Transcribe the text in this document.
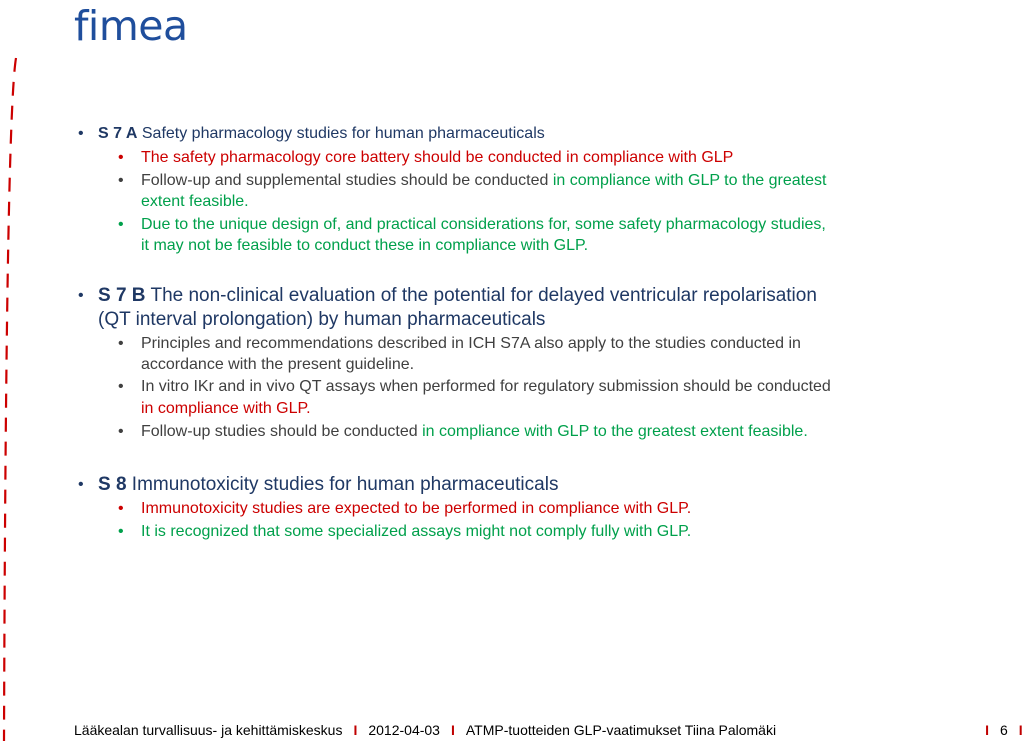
fimea
• S 7 A Safety pharmacology studies for human pharmaceuticals
• The safety pharmacology core battery should be conducted in compliance with GLP
• Follow-up and supplemental studies should be conducted in compliance with GLP to the greatest
extent feasible.
• Due to the unique design of, and practical considerations for, some safety pharmacology studies,
it may not be feasible to conduct these in compliance with GLP.
• S 7 B The non-clinical evaluation of the potential for delayed ventricular repolarisation
(QT interval prolongation) by human pharmaceuticals
• Principles and recommendations described in ICH S7A also apply to the studies conducted in
accordance with the present guideline.
• In vitro IKr and in vivo QT assays when performed for regulatory submission should be conducted
in compliance with GLP.
• Follow-up studies should be conducted in compliance with GLP to the greatest extent feasible.
• S 8 Immunotoxicity studies for human pharmaceuticals
• Immunotoxicity studies are expected to be performed in compliance with GLP.
• It is recognized that some specialized assays might not comply fully with GLP.
Lääkealan turvallisuus- ja kehittämiskeskus I 2012-04-03 I ATMP-tuotteiden GLP-vaatimukset Tiina Palomäki	I 6 I
